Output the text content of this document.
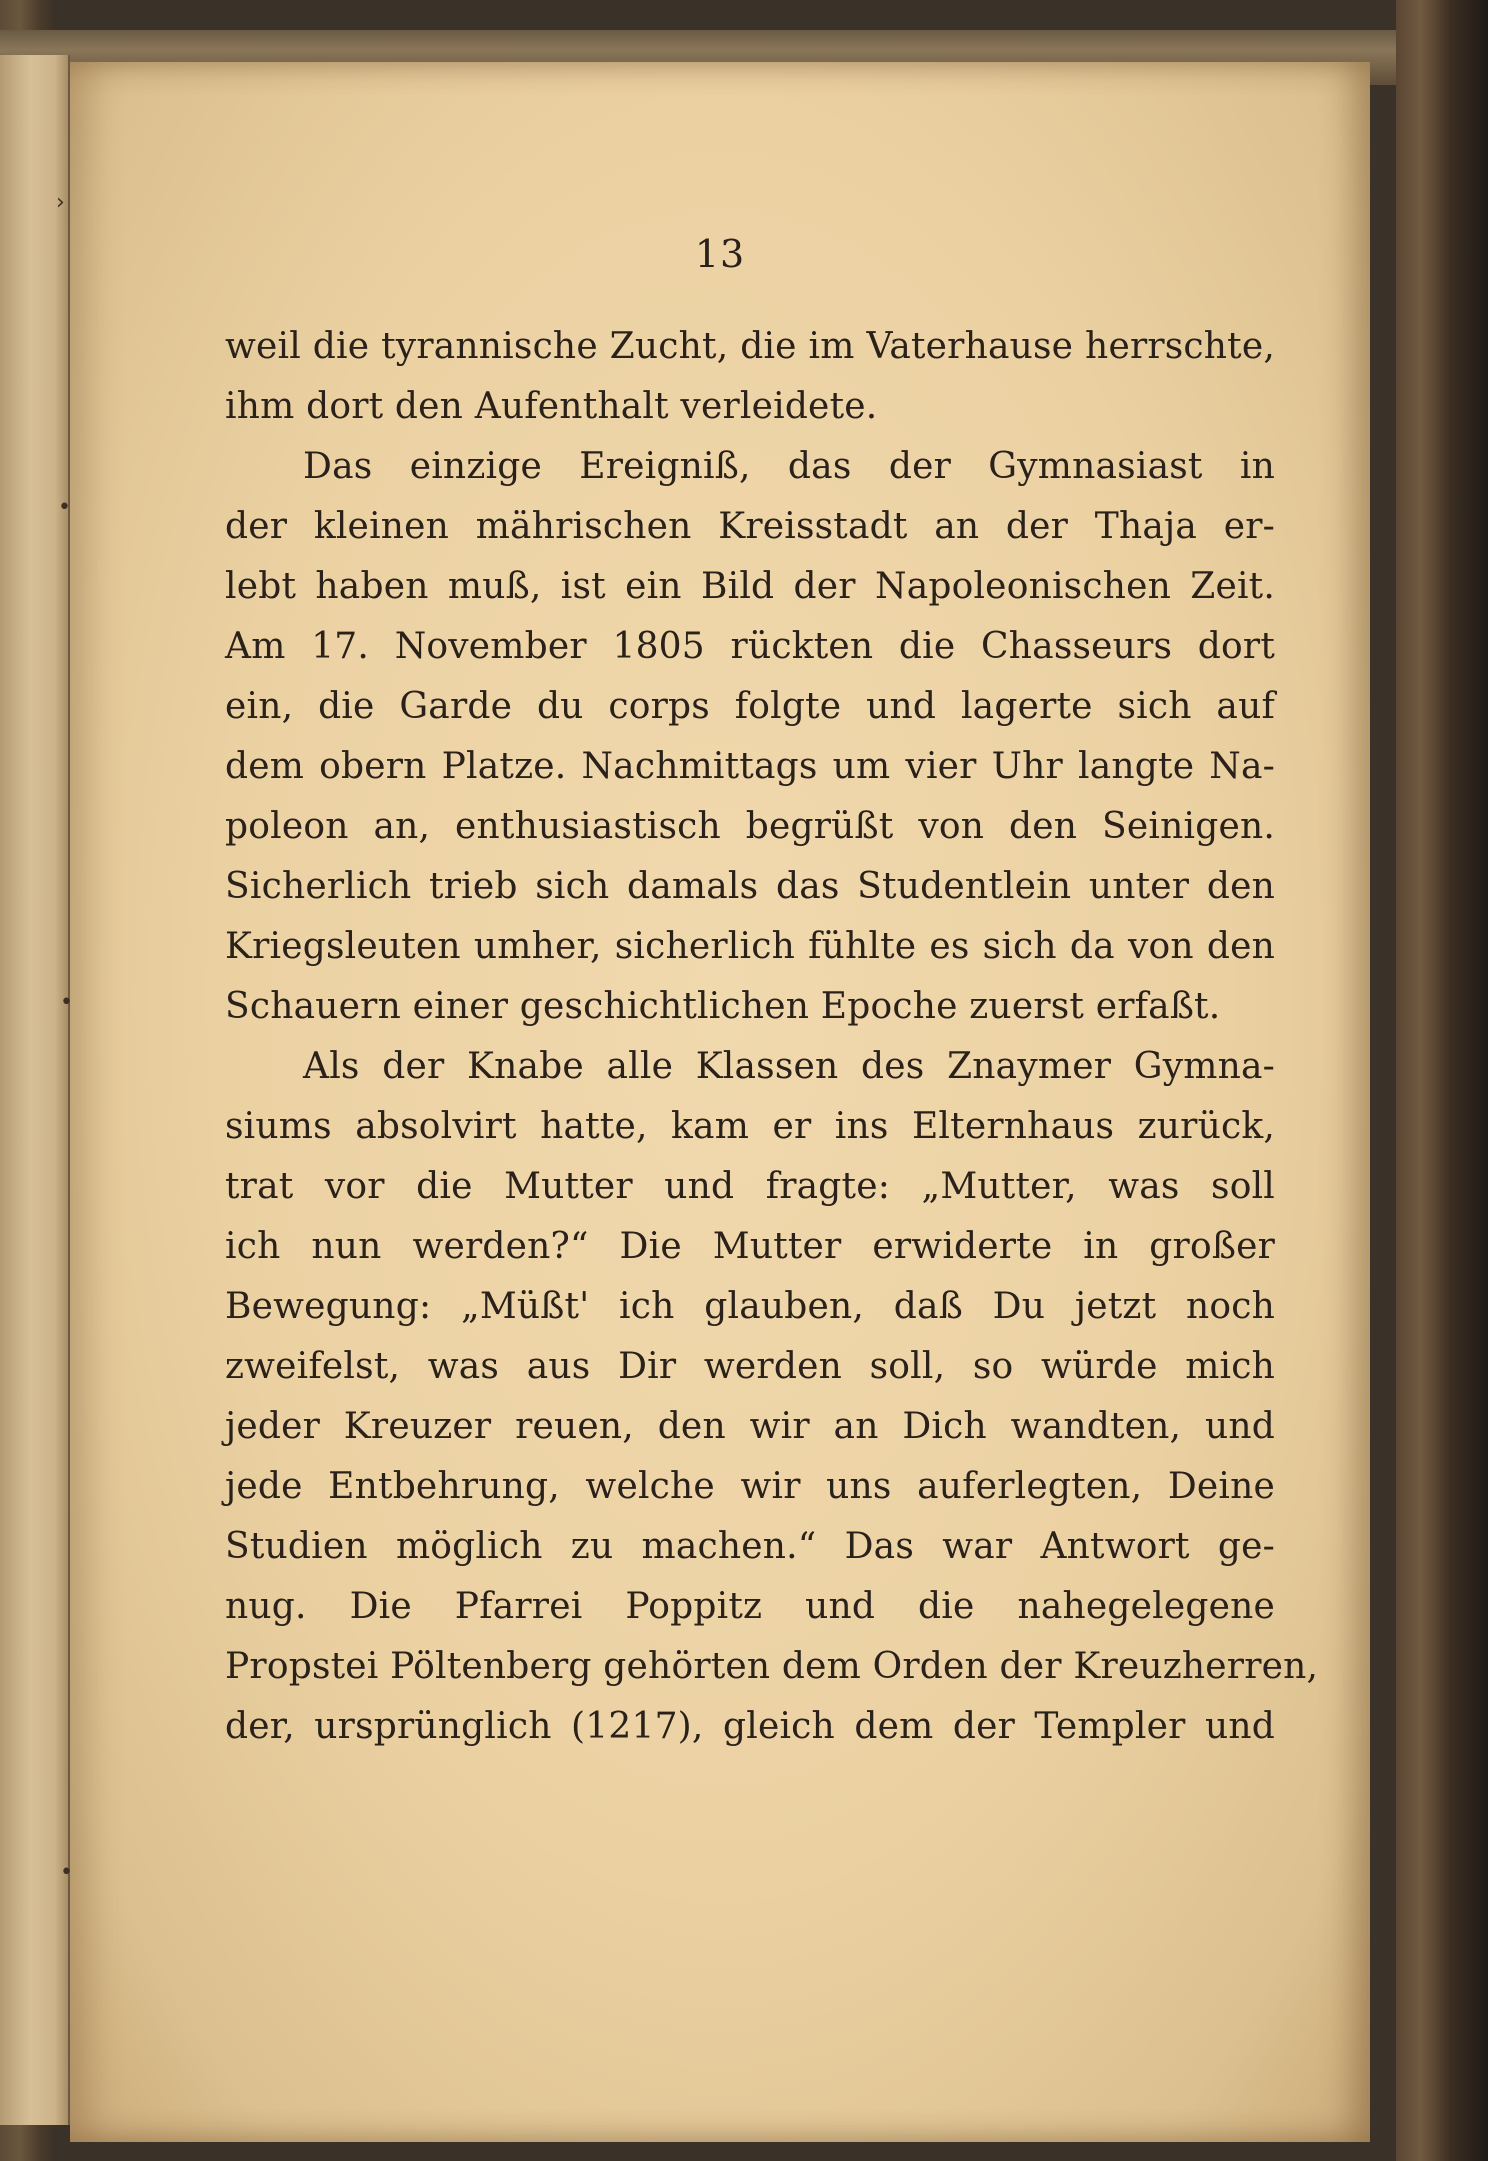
13
weil die tyrannische Zucht, die im Vaterhause herrschte,
ihm dort den Aufenthalt verleidete.
Das einzige Ereigniß, das der Gymnasiast in
der kleinen mährischen Kreisstadt an der Thaja er-
lebt haben muß, ist ein Bild der Napoleonischen Zeit.
Am 17. November 1805 rückten die Chasseurs dort
ein, die Garde du corps folgte und lagerte sich auf
dem obern Platze. Nachmittags um vier Uhr langte Na-
poleon an, enthusiastisch begrüßt von den Seinigen.
Sicherlich trieb sich damals das Studentlein unter den
Kriegsleuten umher, sicherlich fühlte es sich da von den
Schauern einer geschichtlichen Epoche zuerst erfaßt.
Als der Knabe alle Klassen des Znaymer Gymna-
siums absolvirt hatte, kam er ins Elternhaus zurück,
trat vor die Mutter und fragte: „Mutter, was soll
ich nun werden?“ Die Mutter erwiderte in großer
Bewegung: „Müßt' ich glauben, daß Du jetzt noch
zweifelst, was aus Dir werden soll, so würde mich
jeder Kreuzer reuen, den wir an Dich wandten, und
jede Entbehrung, welche wir uns auferlegten, Deine
Studien möglich zu machen.“ Das war Antwort ge-
nug. Die Pfarrei Poppitz und die nahegelegene
Propstei Pöltenberg gehörten dem Orden der Kreuzherren,
der, ursprünglich (1217), gleich dem der Templer und
›
•
•
•
